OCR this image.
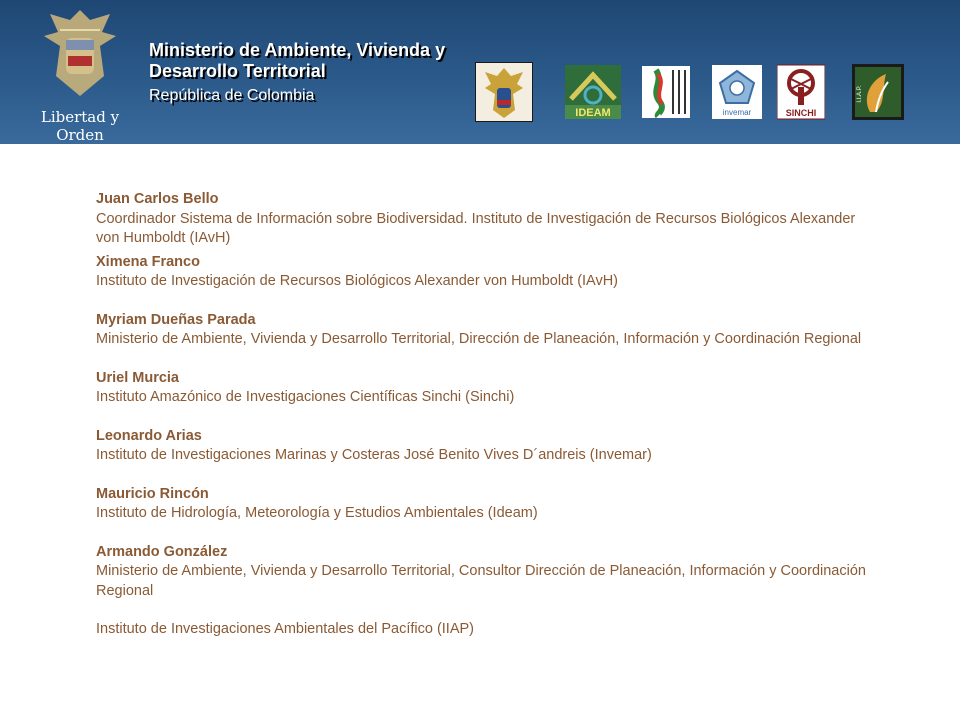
Libertad y Orden
Ministerio de Ambiente, Vivienda y
Desarrollo Territorial
República de Colombia
IDEAM	invemar	SINCHI
I.I.A.P.
Juan Carlos Bello
Coordinador Sistema de Información sobre Biodiversidad. Instituto de Investigación de Recursos Biológicos Alexander von Humboldt (IAvH)
Ximena Franco
Instituto de Investigación de Recursos Biológicos Alexander von Humboldt (IAvH)
Myriam Dueñas Parada
Ministerio de Ambiente, Vivienda y Desarrollo Territorial, Dirección de Planeación, Información y Coordinación Regional
Uriel Murcia
Instituto Amazónico de Investigaciones Científicas Sinchi (Sinchi)
Leonardo Arias
Instituto de Investigaciones Marinas y Costeras José Benito Vives D´andreis (Invemar)
Mauricio Rincón
Instituto de Hidrología, Meteorología y Estudios Ambientales (Ideam)
Armando González
Ministerio de Ambiente, Vivienda y Desarrollo Territorial, Consultor Dirección de Planeación, Información y Coordinación Regional
Instituto de Investigaciones Ambientales del Pacífico (IIAP)
